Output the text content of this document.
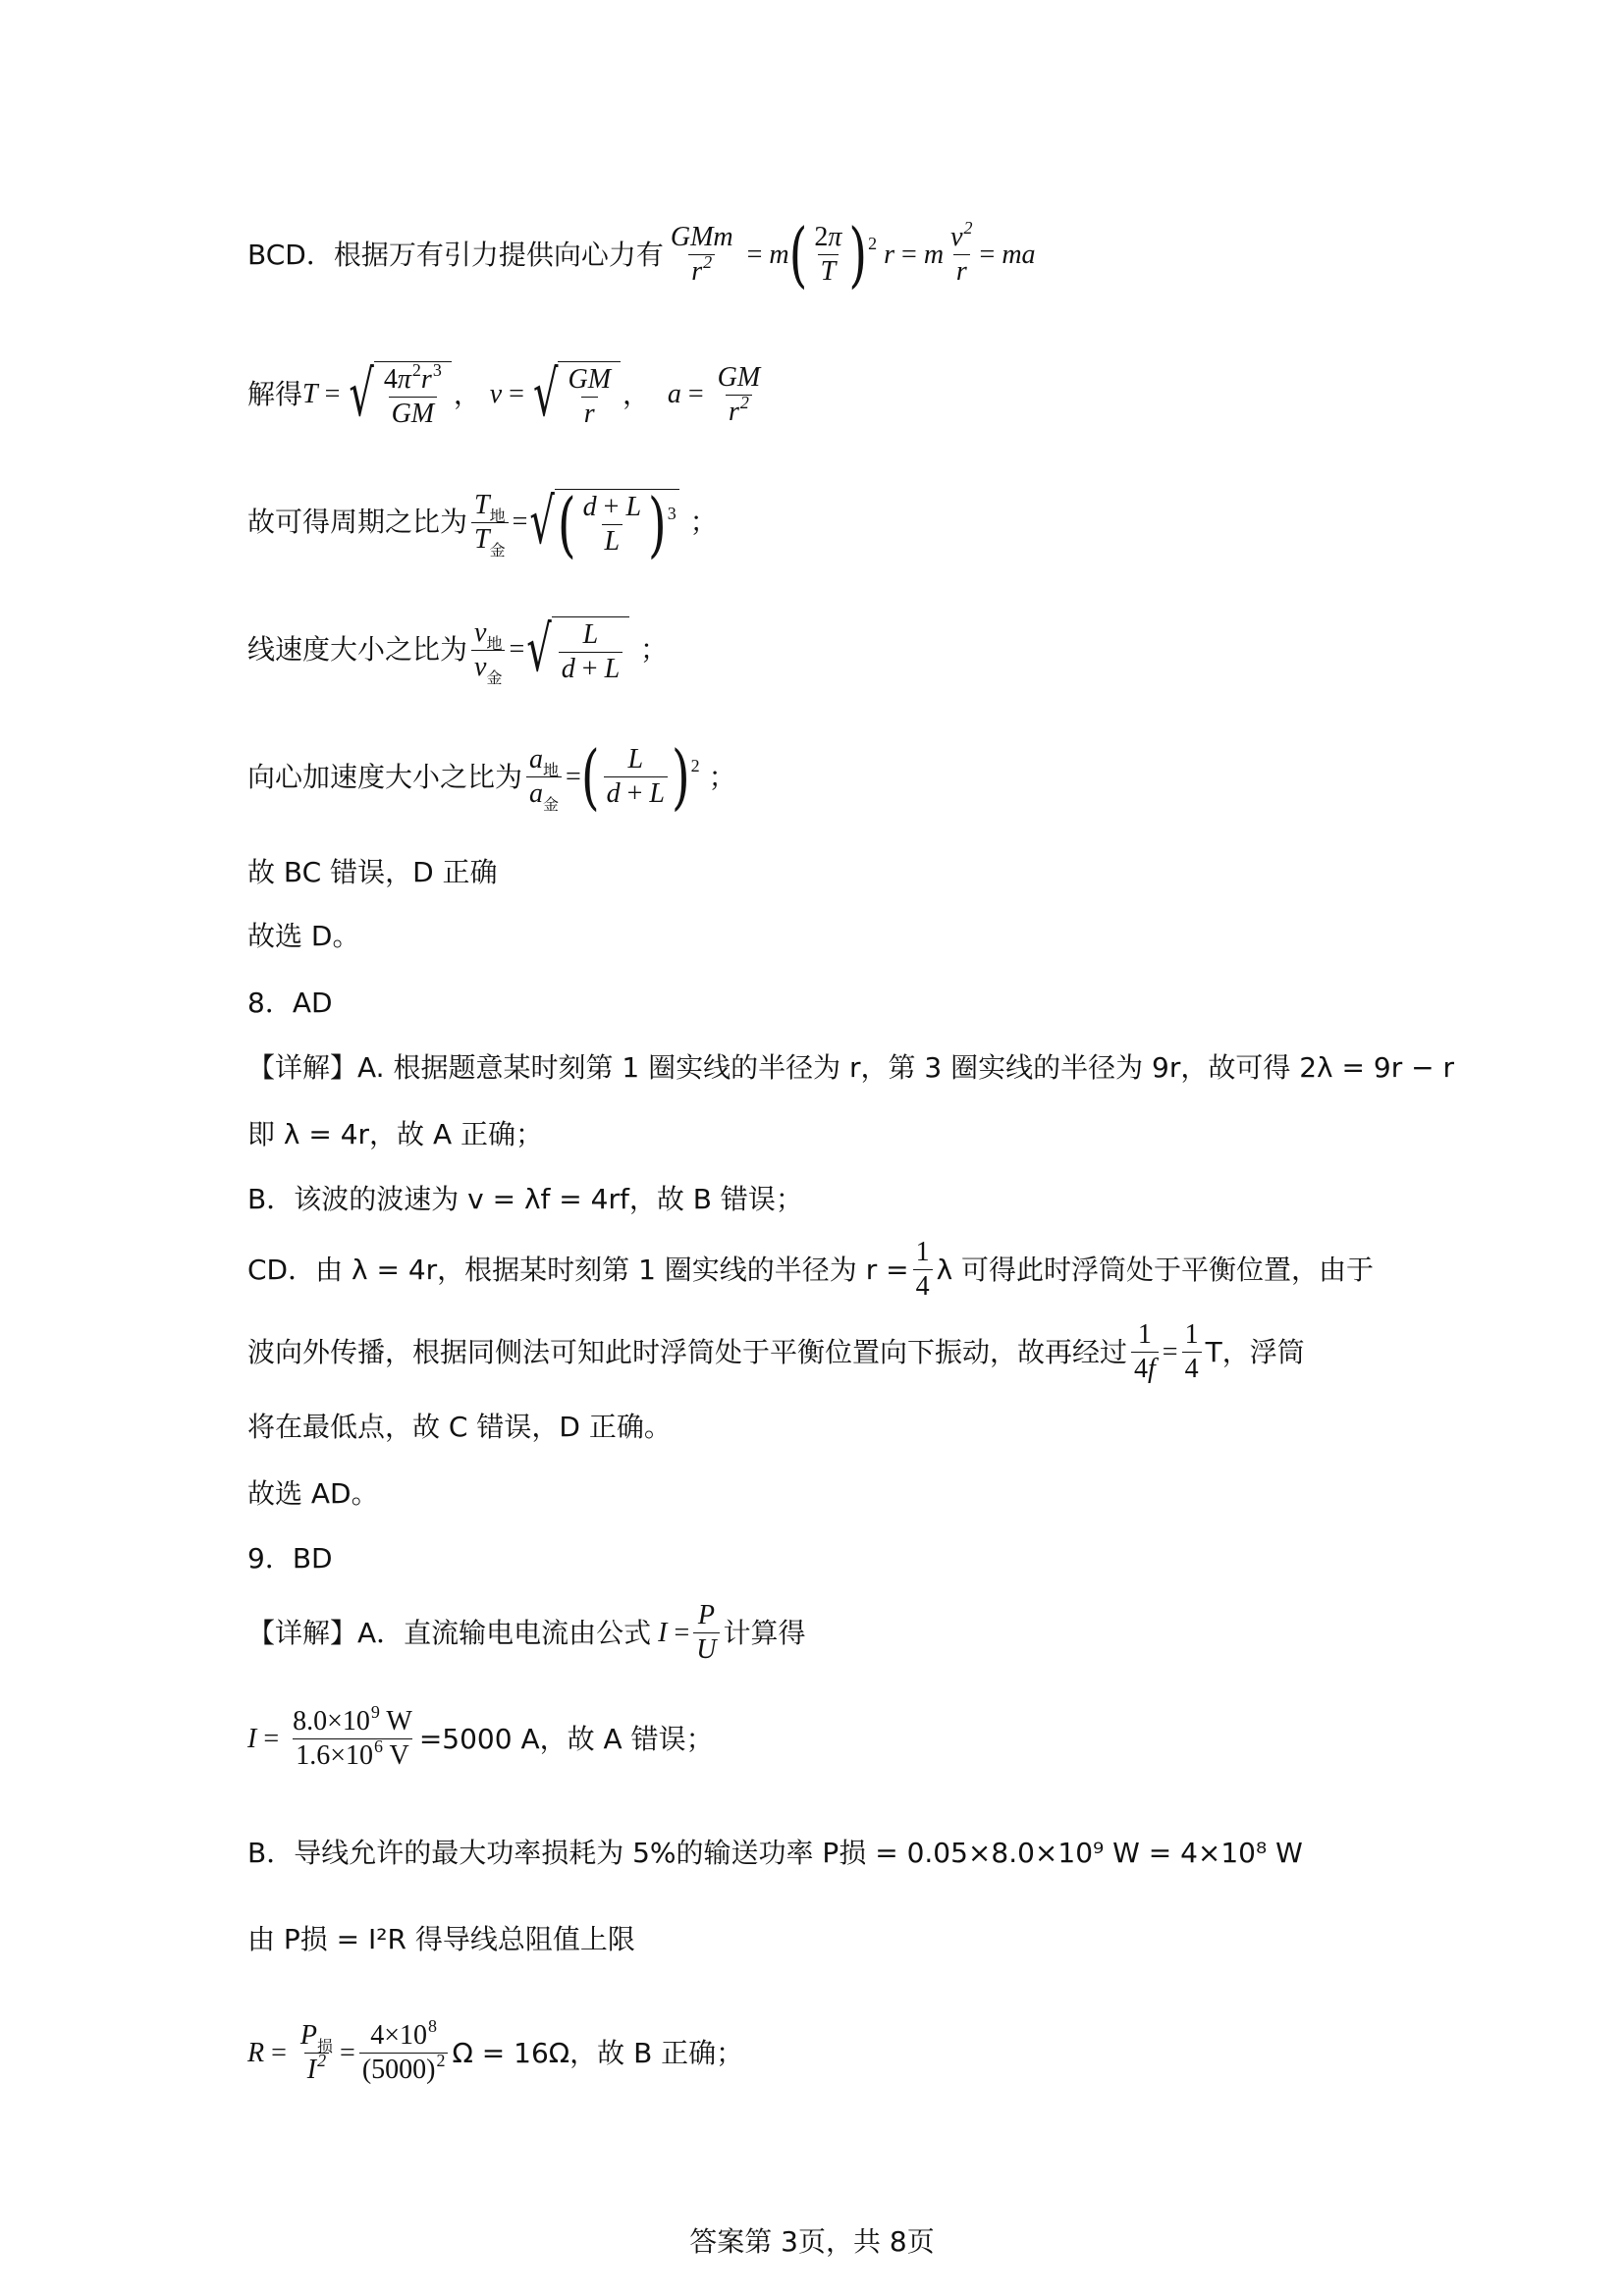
BCD．根据万有引力提供向心力有 $\frac{\text{GMm}}{r^2} = m$ ( $\frac{2\pi}{T}$ ) 2 r = m $\frac{v^2}{r}$ = ma
解得 T = √ $\frac{4\pi^2r^3}{GM}$ ， v = √ $\frac{GM}{r}$ ， $a = \frac{GM}{r^2}$
故可得周期之比为 $\frac{T_地}{T_金}$ = √ ( $\frac{d + L}{L}$ ) 3 ；
线速度大小之比为 $\frac{v_地}{v_金}$ = √ $\frac{L}{d + L}$ ；
向心加速度大小之比为 $\frac{a_地}{a_金}$ = ( $\frac{L}{d + L}$ ) 2 ；
故 BC 错误，D 正确
故选 D。
8．AD
【详解】A. 根据题意某时刻第 1 圈实线的半径为 r，第 3 圈实线的半径为 9r，故可得 2λ = 9r − r
即 λ = 4r，故 A 正确；
B．该波的波速为 v = λf = 4rf，故 B 错误；
CD．由 λ = 4r，根据某时刻第 1 圈实线的半径为 $r = \frac{1}{4}$ λ 可得此时浮筒处于平衡位置，由于
波向外传播，根据同侧法可知此时浮筒处于平衡位置向下振动，故再经过 $\frac{1}{4f} = \frac{1}{4}$ T，浮筒
将在最低点，故 C 错误，D 正确。
故选 AD。
9．BD
【详解】A．直流输电电流由公式 $I = \frac{P}{U}$ 计算得
$I = \frac{8.0\times 10^9 W}{1.6\times 10^6 V} =5000$ A，故 A 错误；
B．导线允许的最大功率损耗为 5%的输送功率 P损 = 0.05×8.0×10⁹ W = 4×10⁸ W
由 P损 = I²R 得导线总阻值上限
$R = \frac{P_损}{I^2} = \frac{4\times 10^8}{(5000)^2}$ Ω = 16Ω，故 B 正确；
答案第 3页，共 8页
